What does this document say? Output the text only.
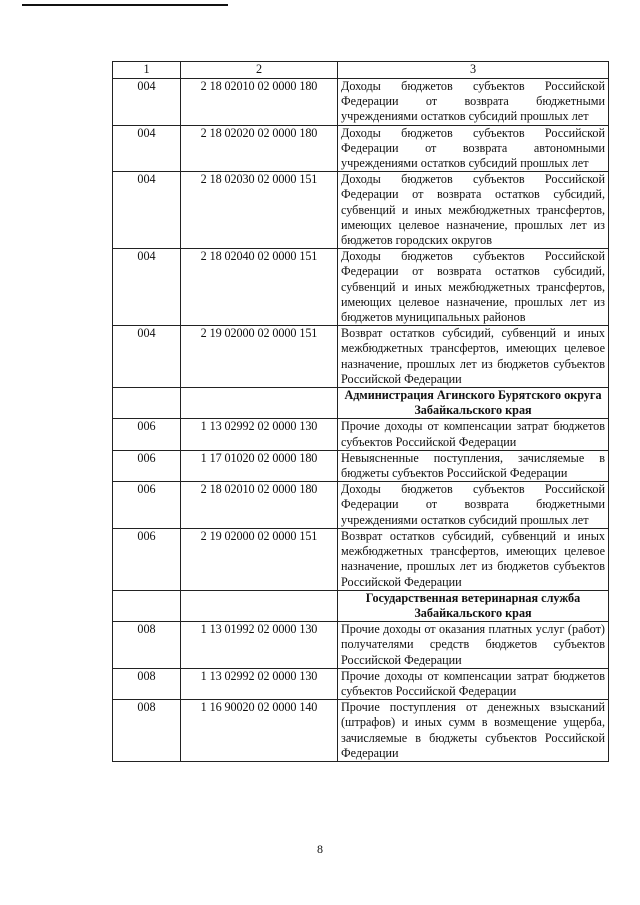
1	2	3
004	2 18 02010 02 0000 180	Доходы бюджетов субъектов Российской Федерации от возврата бюджетными учреждениями остатков субсидий прошлых лет
004	2 18 02020 02 0000 180	Доходы бюджетов субъектов Российской Федерации от возврата автономными учреждениями остатков субсидий прошлых лет
004	2 18 02030 02 0000 151	Доходы бюджетов субъектов Российской Федерации от возврата остатков субсидий, субвенций и иных межбюджетных трансфертов, имеющих целевое назначение, прошлых лет из бюджетов городских округов
004	2 18 02040 02 0000 151	Доходы бюджетов субъектов Российской Федерации от возврата остатков субсидий, субвенций и иных межбюджетных трансфертов, имеющих целевое назначение, прошлых лет из бюджетов муниципальных районов
004	2 19 02000 02 0000 151	Возврат остатков субсидий, субвенций и иных межбюджетных трансфертов, имеющих целевое назначение, прошлых лет из бюджетов субъектов Российской Федерации
		Администрация Агинского Бурятского округа Забайкальского края
006	1 13 02992 02 0000 130	Прочие доходы от компенсации затрат бюджетов субъектов Российской Федерации
006	1 17 01020 02 0000 180	Невыясненные поступления, зачисляемые в бюджеты субъектов Российской Федерации
006	2 18 02010 02 0000 180	Доходы бюджетов субъектов Российской Федерации от возврата бюджетными учреждениями остатков субсидий прошлых лет
006	2 19 02000 02 0000 151	Возврат остатков субсидий, субвенций и иных межбюджетных трансфертов, имеющих целевое назначение, прошлых лет из бюджетов субъектов Российской Федерации
		Государственная ветеринарная служба Забайкальского края
008	1 13 01992 02 0000 130	Прочие доходы от оказания платных услуг (работ) получателями средств бюджетов субъектов Российской Федерации
008	1 13 02992 02 0000 130	Прочие доходы от компенсации затрат бюджетов субъектов Российской Федерации
008	1 16 90020 02 0000 140	Прочие поступления от денежных взысканий (штрафов) и иных сумм в возмещение ущерба, зачисляемые в бюджеты субъектов Российской Федерации
8
